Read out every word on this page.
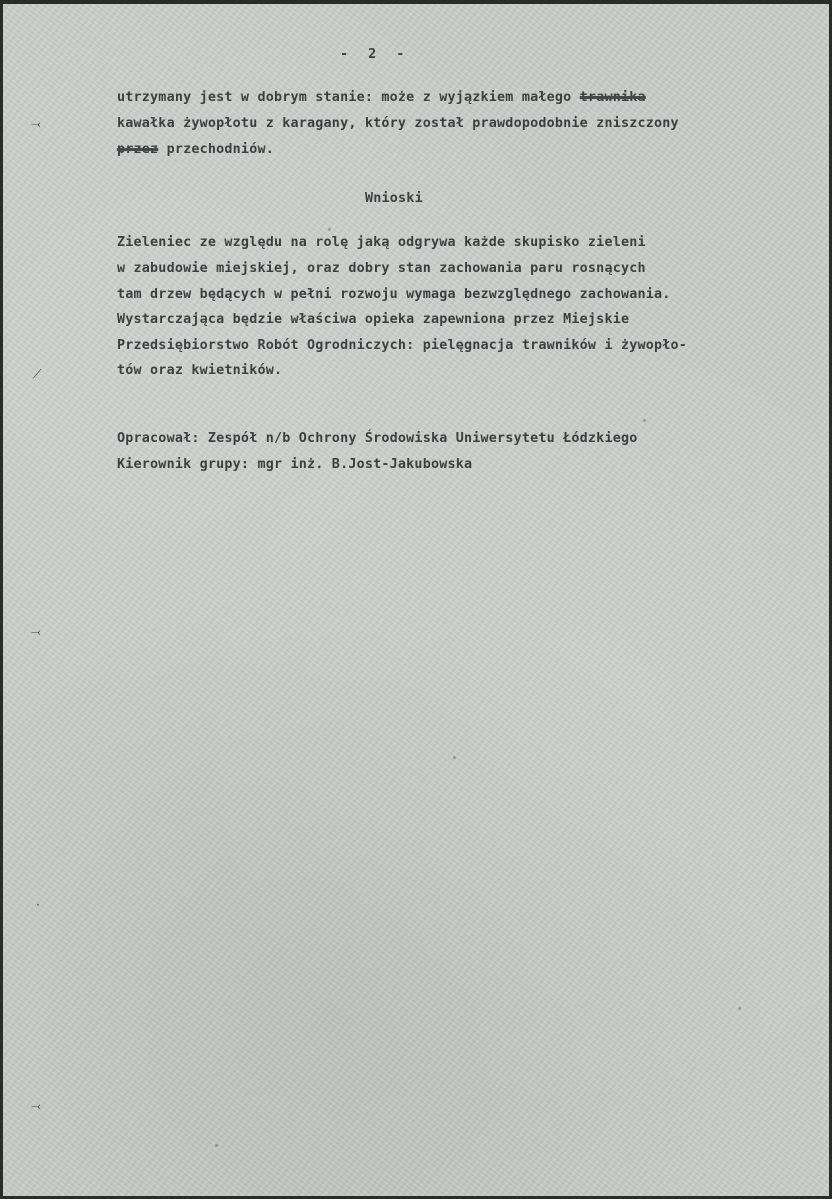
- 2 -
utrzymany jest w dobrym stanie: może z wyjązkiem małego trawnika
kawałka żywopłotu z karagany, który został prawdopodobnie zniszczony
przez przechodniów.
Wnioski
Zieleniec ze względu na rolę jaką odgrywa każde skupisko zieleni
w zabudowie miejskiej, oraz dobry stan zachowania paru rosnących
tam drzew będących w pełni rozwoju wymaga bezwzględnego zachowania.
Wystarczająca będzie właściwa opieka zapewniona przez Miejskie
Przedsiębiorstwo Robót Ogrodniczych: pielęgnacja trawników i żywopło-
tów oraz kwietników.
Opracował: Zespół n/b Ochrony Środowiska Uniwersytetu Łódzkiego
Kierownik grupy: mgr inż. B.Jost-Jakubowska
⤙
⟋
⤙
·
⤙
